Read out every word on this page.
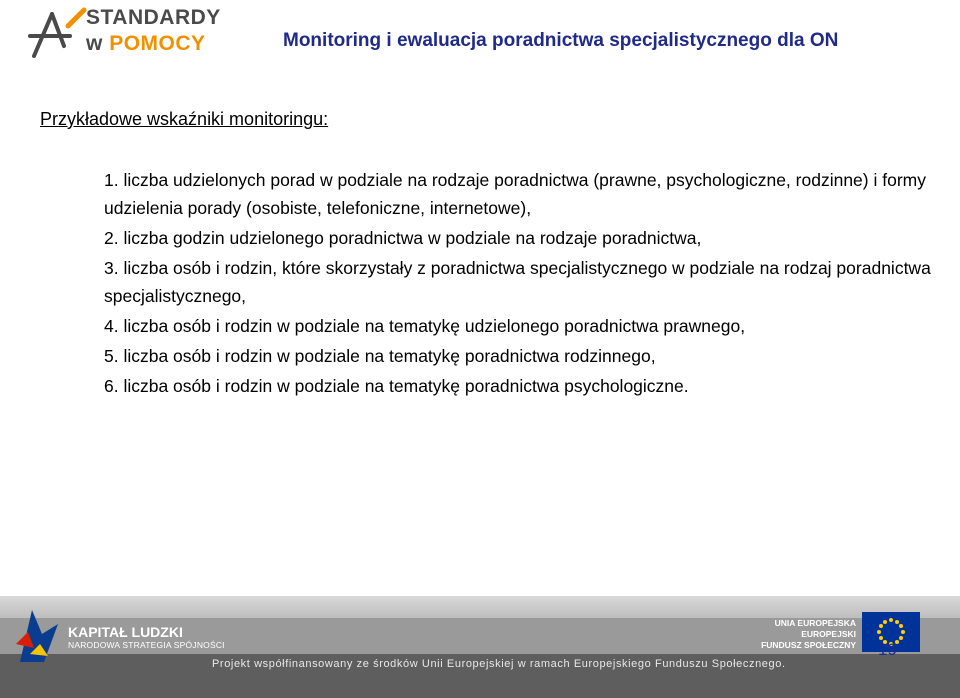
STANDARDY
w POMOCY	Monitoring i ewaluacja poradnictwa specjalistycznego dla ON
Przykładowe wskaźniki monitoringu:
1. liczba udzielonych porad w podziale na rodzaje poradnictwa (prawne, psychologiczne, rodzinne) i formy udzielenia porady (osobiste, telefoniczne, internetowe),
2. liczba godzin udzielonego poradnictwa w podziale na rodzaje poradnictwa,
3. liczba osób i rodzin, które skorzystały z poradnictwa specjalistycznego w podziale na rodzaj poradnictwa specjalistycznego,
4. liczba osób i rodzin w podziale na tematykę udzielonego poradnictwa prawnego,
5. liczba osób i rodzin w podziale na tematykę poradnictwa rodzinnego,
6. liczba osób i rodzin w podziale na tematykę poradnictwa psychologiczne.
KAPITAŁ LUDZKI
NARODOWA STRATEGIA SPÓJNOŚCI
UNIA EUROPEJSKA
EUROPEJSKI
FUNDUSZ SPOŁECZNY
Projekt współfinansowany ze środków Unii Europejskiej w ramach Europejskiego Funduszu Społecznego.
19
